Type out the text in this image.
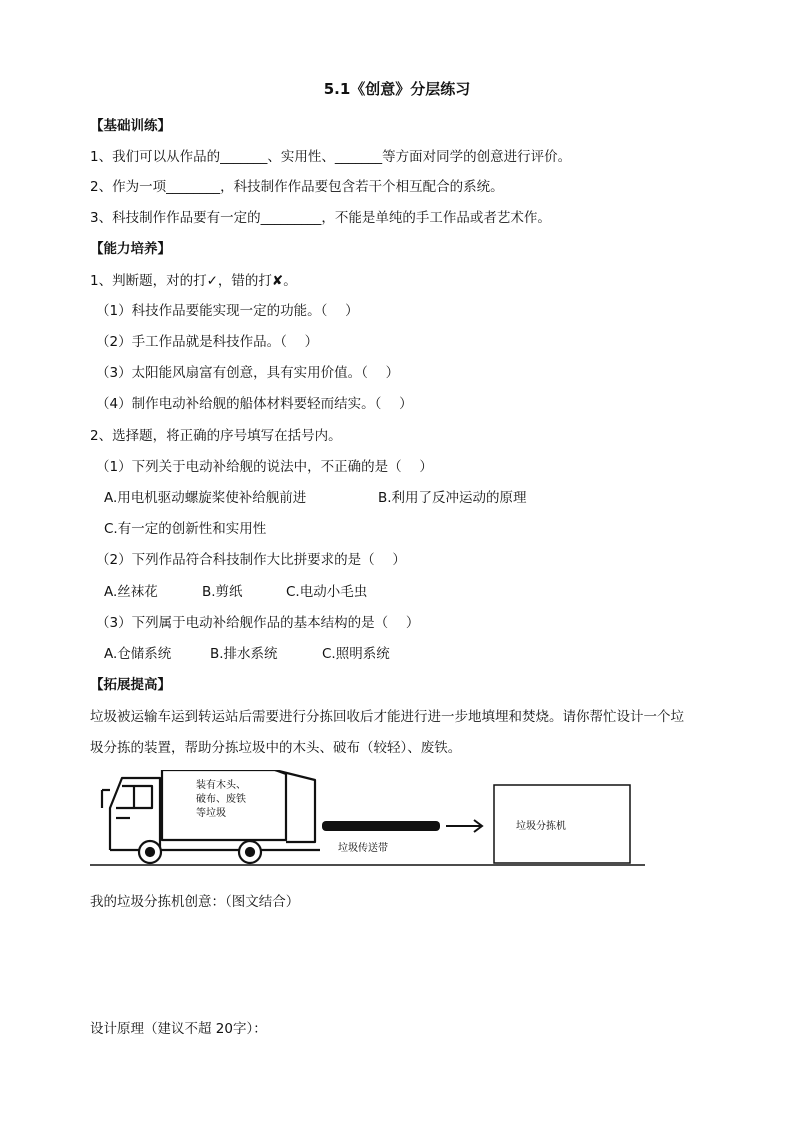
5.1《创意》分层练习
【基础训练】
1、我们可以从作品的_______、实用性、_______等方面对同学的创意进行评价。
2、作为一项________，科技制作作品要包含若干个相互配合的系统。
3、科技制作作品要有一定的_________，不能是单纯的手工作品或者艺术作。
【能力培养】
1、判断题，对的打✓，错的打✘。
（1）科技作品要能实现一定的功能。（　 ）
（2）手工作品就是科技作品。（　 ）
（3）太阳能风扇富有创意，具有实用价值。（　 ）
（4）制作电动补给舰的船体材料要轻而结实。（　 ）
2、选择题，将正确的序号填写在括号内。
（1）下列关于电动补给舰的说法中，不正确的是（　 ）
A.用电机驱动螺旋桨使补给舰前进	B.利用了反冲运动的原理
C.有一定的创新性和实用性
（2）下列作品符合科技制作大比拼要求的是（　 ）
A.丝袜花	B.剪纸	C.电动小毛虫
（3）下列属于电动补给舰作品的基本结构的是（　 ）
A.仓储系统	B.排水系统	C.照明系统
【拓展提高】
垃圾被运输车运到转运站后需要进行分拣回收后才能进行进一步地填埋和焚烧。请你帮忙设计一个垃
圾分拣的装置，帮助分拣垃圾中的木头、破布（较轻）、废铁。
装有木头、
破布、废铁
等垃圾
垃圾传送带
垃圾分拣机
我的垃圾分拣机创意：（图文结合）
设计原理（建议不超 20字）：
